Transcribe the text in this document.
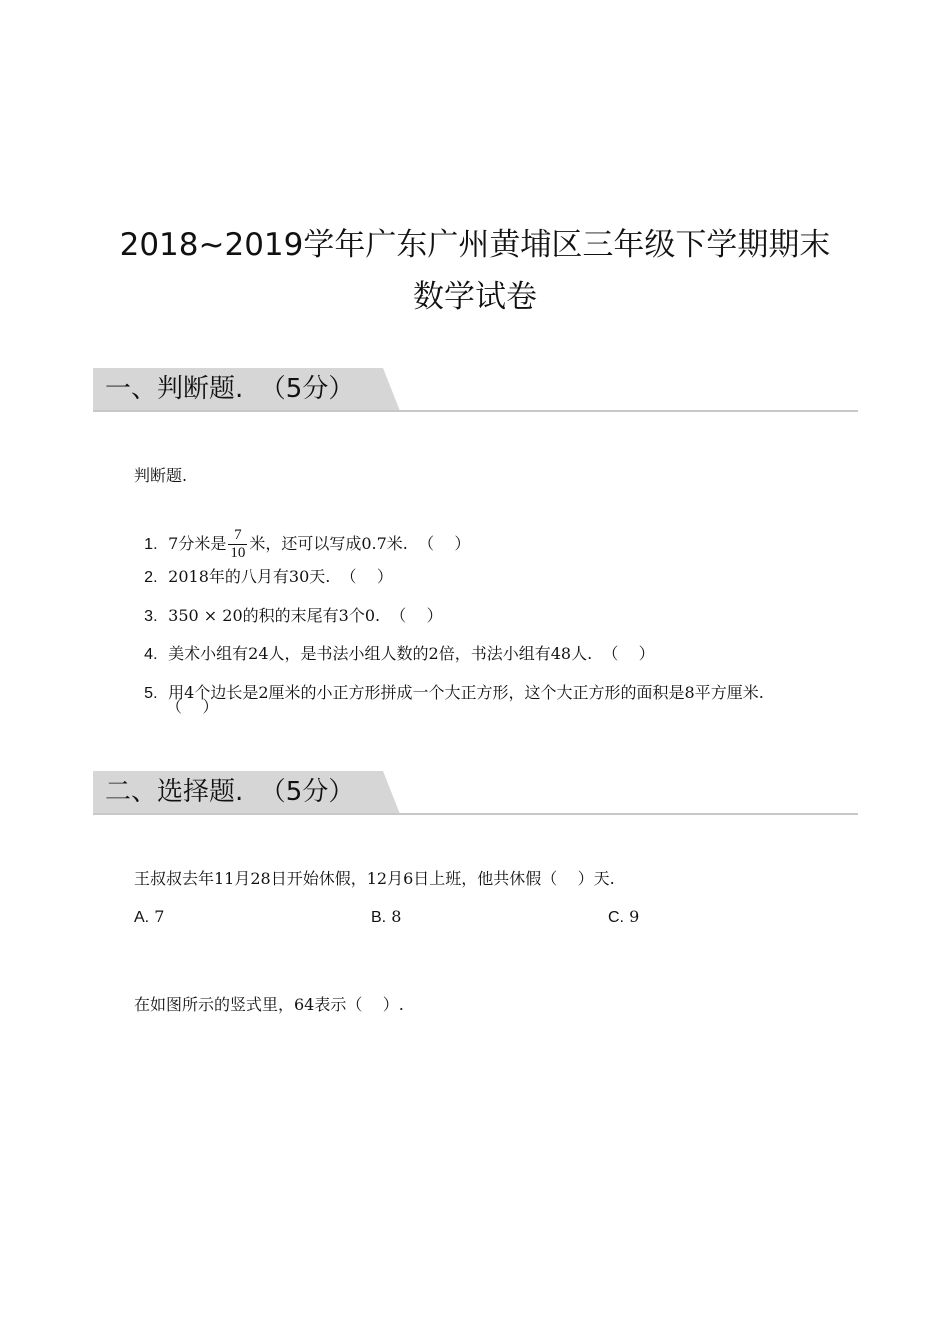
2018~2019学年广东广州黄埔区三年级下学期期末
数学试卷
一、判断题.  （5分）
判断题.

1. 7分米是 $\frac{7}{10}$ 米，还可以写成0.7米.  （    ）

2. 2018年的八月有30天.  （    ）

3. 350 × 20的积的末尾有3个0.  （    ）

4. 美术小组有24人，是书法小组人数的2倍，书法小组有48人.  （    ）

5. 用4个边长是2厘米的小正方形拼成一个大正方形，这个大正方形的面积是8平方厘米.

（    ）
二、选择题.  （5分）
王叔叔去年11月28日开始休假，12月6日上班，他共休假（    ）天.
A. 7	B. 8	C. 9
在如图所示的竖式里，64表示（    ）.
